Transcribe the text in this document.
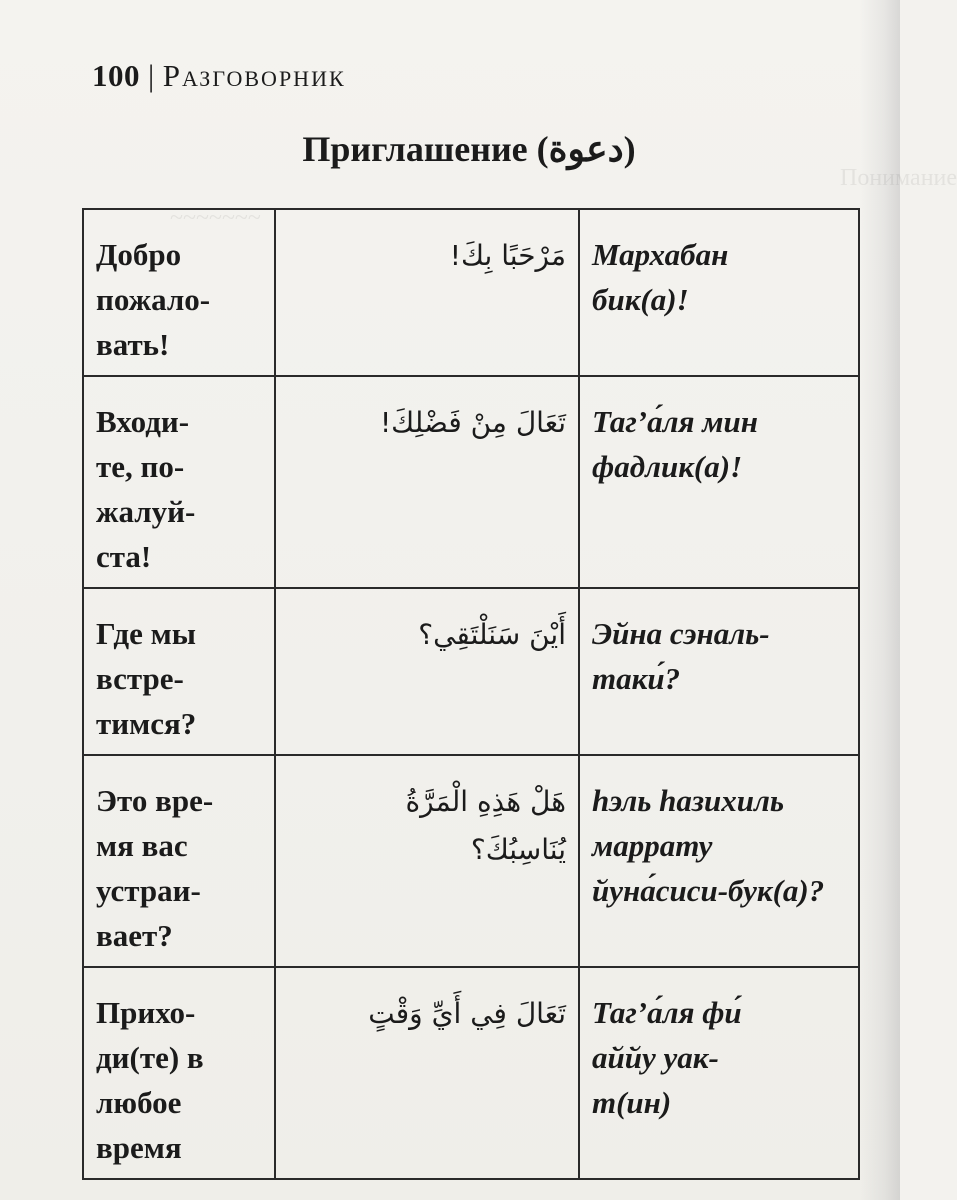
~~~~~~~
100 | Разговорник
Приглашение (دعوة)
Добро пожало-вать!	مَرْحَبًا بِكَ!	Мархабан бик(а)!

Входи-те, по-жалуй-ста!	تَعَالَ مِنْ فَضْلِكَ!	Таг’а́ля мин фадлик(а)!

Где мы встре-тимся?	أَيْنَ سَنَلْتَقِي؟	Эйна сэналь-таки́?

Это вре-мя вас устраи-вает?	هَلْ هَذِهِ الْمَرَّةُ يُنَاسِبُكَ؟	hэль hазихиль маррату йуна́сиси-бук(а)?

Прихо-ди(те) в любое время	تَعَالَ فِي أَيِّ وَقْتٍ	Таг’а́ля фи́ аййу уак-т(ин)
